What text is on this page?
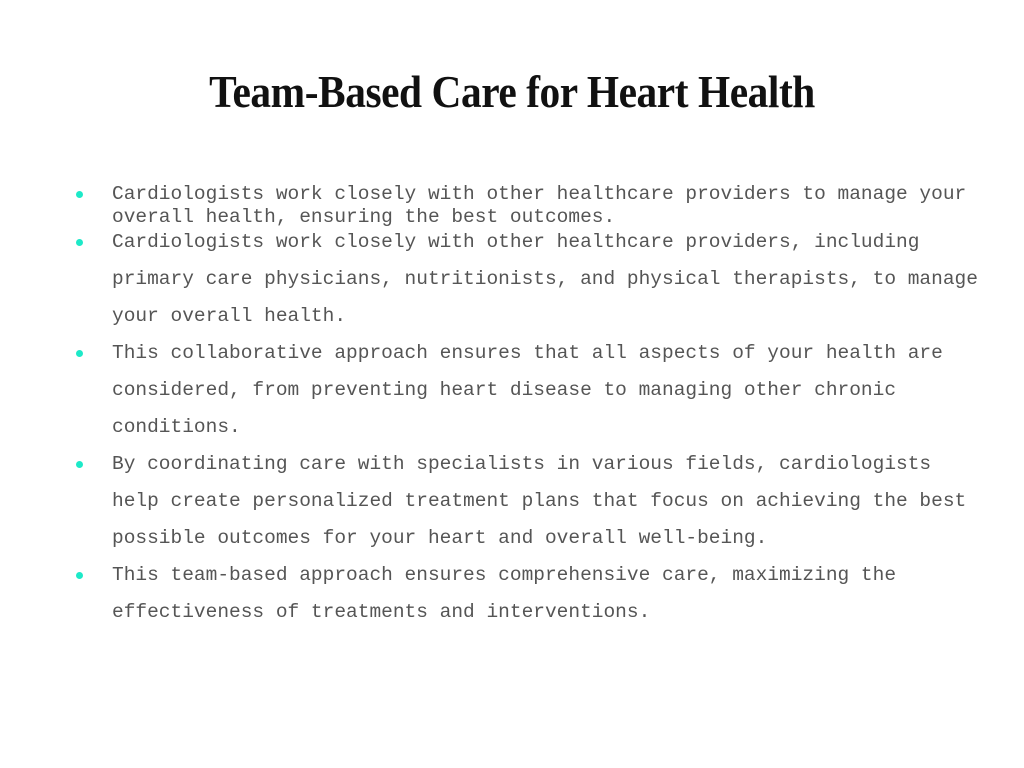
Team-Based Care for Heart Health
Cardiologists work closely with other healthcare providers to manage your overall health, ensuring the best outcomes.
Cardiologists work closely with other healthcare providers, including primary care physicians, nutritionists, and physical therapists, to manage your overall health.
This collaborative approach ensures that all aspects of your health are considered, from preventing heart disease to managing other chronic conditions.
By coordinating care with specialists in various fields, cardiologists help create personalized treatment plans that focus on achieving the best possible outcomes for your heart and overall well-being.
This team-based approach ensures comprehensive care, maximizing the effectiveness of treatments and interventions.
